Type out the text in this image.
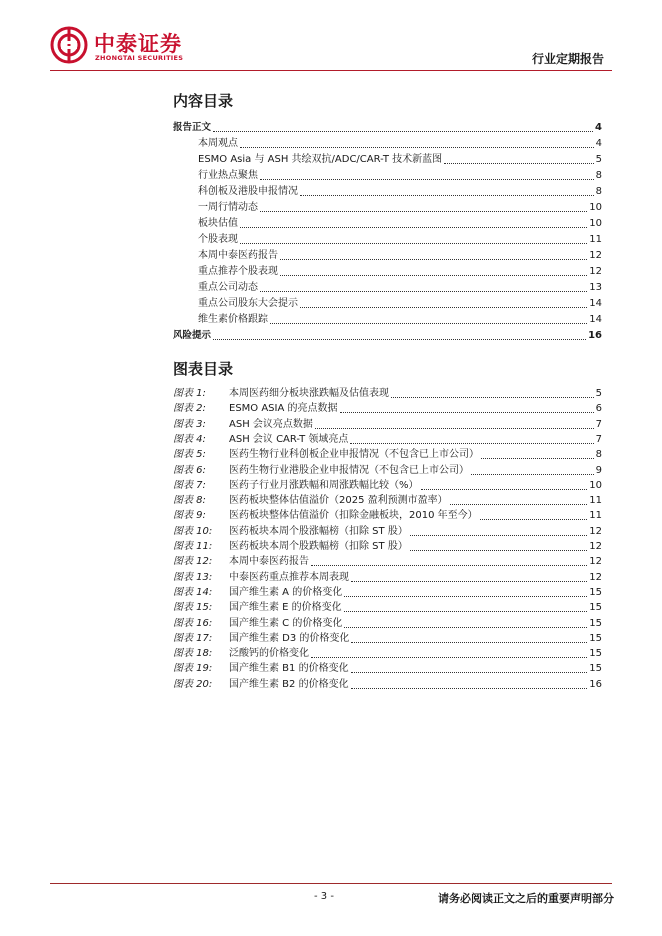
中泰证券
ZHONGTAI SECURITIES	行业定期报告
内容目录
报告正文	4
本周观点	4
ESMO Asia 与 ASH 共绘双抗/ADC/CAR-T 技术新蓝图	5
行业热点聚焦	8
科创板及港股申报情况	8
一周行情动态	10
板块估值	10
个股表现	11
本周中泰医药报告	12
重点推荐个股表现	12
重点公司动态	13
重点公司股东大会提示	14
维生素价格跟踪	14
风险提示	16
图表目录
图表 1:	本周医药细分板块涨跌幅及估值表现	5
图表 2:	ESMO ASIA 的亮点数据	6
图表 3:	ASH 会议亮点数据	7
图表 4:	ASH 会议 CAR-T 领域亮点	7
图表 5:	医药生物行业科创板企业申报情况（不包含已上市公司）	8
图表 6:	医药生物行业港股企业申报情况（不包含已上市公司）	9
图表 7:	医药子行业月涨跌幅和周涨跌幅比较（%）	10
图表 8:	医药板块整体估值溢价（2025 盈利预测市盈率）	11
图表 9:	医药板块整体估值溢价（扣除金融板块，2010 年至今）	11
图表 10:	医药板块本周个股涨幅榜（扣除 ST 股）	12
图表 11:	医药板块本周个股跌幅榜（扣除 ST 股）	12
图表 12:	本周中泰医药报告	12
图表 13:	中泰医药重点推荐本周表现	12
图表 14:	国产维生素 A 的价格变化	15
图表 15:	国产维生素 E 的价格变化	15
图表 16:	国产维生素 C 的价格变化	15
图表 17:	国产维生素 D3 的价格变化	15
图表 18:	泛酸钙的价格变化	15
图表 19:	国产维生素 B1 的价格变化	15
图表 20:	国产维生素 B2 的价格变化	16
- 3 -	请务必阅读正文之后的重要声明部分
